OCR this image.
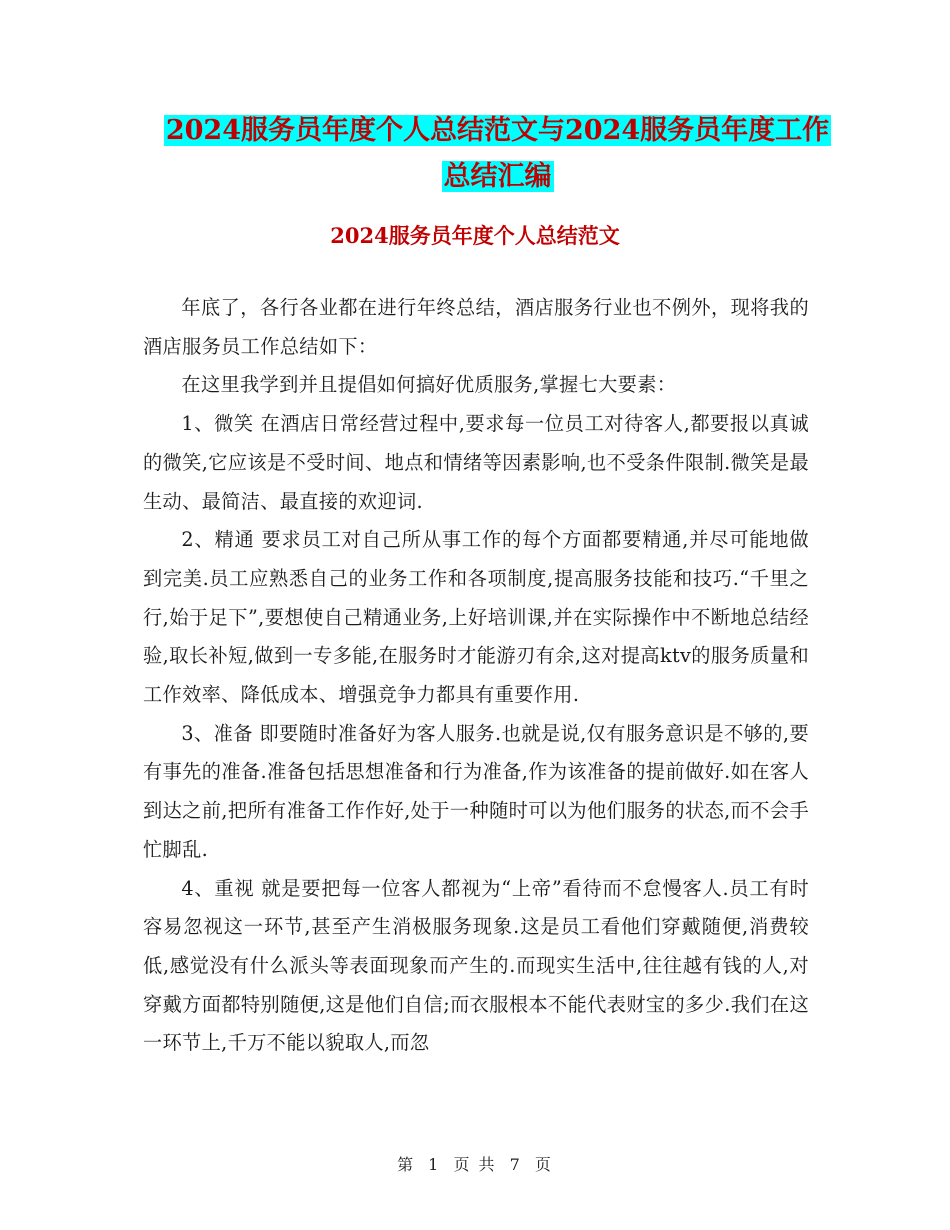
2024服务员年度个人总结范文与2024服务员年度工作
总结汇编
2024服务员年度个人总结范文

年底了，各行各业都在进行年终总结，酒店服务行业也不例外，现将我的酒店服务员工作总结如下：

在这里我学到并且提倡如何搞好优质服务,掌握七大要素：

1、微笑 在酒店日常经营过程中,要求每一位员工对待客人,都要报以真诚的微笑,它应该是不受时间、地点和情绪等因素影响,也不受条件限制.微笑是最生动、最简洁、最直接的欢迎词.

2、精通 要求员工对自己所从事工作的每个方面都要精通,并尽可能地做到完美.员工应熟悉自己的业务工作和各项制度,提高服务技能和技巧.“千里之行,始于足下”,要想使自己精通业务,上好培训课,并在实际操作中不断地总结经验,取长补短,做到一专多能,在服务时才能游刃有余,这对提高ktv的服务质量和工作效率、降低成本、增强竞争力都具有重要作用.

3、准备 即要随时准备好为客人服务.也就是说,仅有服务意识是不够的,要有事先的准备.准备包括思想准备和行为准备,作为该准备的提前做好.如在客人到达之前,把所有准备工作作好,处于一种随时可以为他们服务的状态,而不会手忙脚乱.

4、重视 就是要把每一位客人都视为“上帝”看待而不怠慢客人.员工有时容易忽视这一环节,甚至产生消极服务现象.这是员工看他们穿戴随便,消费较低,感觉没有什么派头等表面现象而产生的.而现实生活中,往往越有钱的人,对穿戴方面都特别随便,这是他们自信;而衣服根本不能代表财宝的多少.我们在这一环节上,千万不能以貌取人,而忽

第 1 页 共 7 页
